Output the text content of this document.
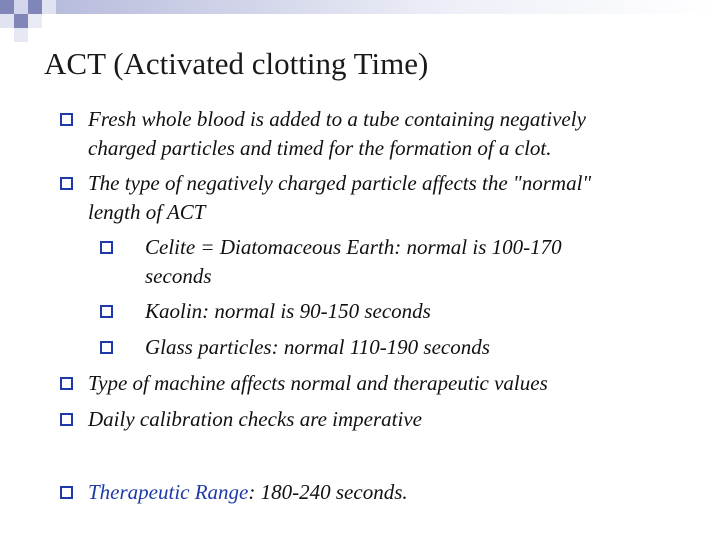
ACT (Activated clotting Time)
Fresh whole blood is added to a tube containing negatively
charged particles and timed for the formation of a clot.
The type of negatively charged particle affects the "normal"
length of ACT
Celite = Diatomaceous Earth: normal is 100-170
seconds
Kaolin: normal is 90-150 seconds
Glass particles: normal 110-190 seconds
Type of machine affects normal and therapeutic values
Daily calibration checks are imperative
Therapeutic Range: 180-240 seconds.
